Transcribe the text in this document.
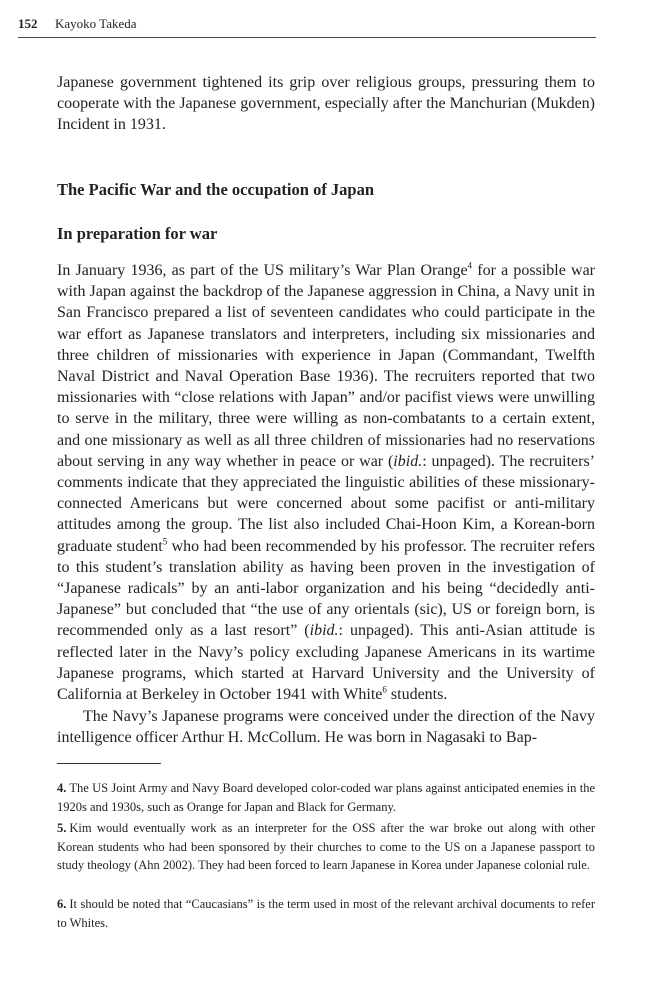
152 Kayoko Takeda

Japanese government tightened its grip over religious groups, pressuring them to cooperate with the Japanese government, especially after the Manchurian (Mukden) Incident in 1931.

The Pacific War and the occupation of Japan
In preparation for war

In January 1936, as part of the US military’s War Plan Orange$^4$ for a possible war with Japan against the backdrop of the Japanese aggression in China, a Navy unit in San Francisco prepared a list of seventeen candidates who could participate in the war effort as Japanese translators and interpreters, including six missionaries and three children of missionaries with experience in Japan (Commandant, Twelfth Naval District and Naval Operation Base 1936). The recruiters reported that two missionaries with “close relations with Japan” and/or pacifist views were unwilling to serve in the military, three were willing as non-combatants to a certain extent, and one missionary as well as all three children of missionaries had no reservations about serving in any way whether in peace or war (ibid.: unpaged). The recruiters’ comments indicate that they appreciated the linguistic abilities of these missionary-connected Americans but were concerned about some pacifist or anti-military attitudes among the group. The list also included Chai-Hoon Kim, a Korean-born graduate student$^5$ who had been recommended by his professor. The recruiter refers to this student’s translation ability as having been proven in the investigation of “Japanese radicals” by an anti-labor organization and his being “decidedly anti-Japanese” but concluded that “the use of any orientals (sic), US or foreign born, is recommended only as a last resort” (ibid.: unpaged). This anti-Asian attitude is reflected later in the Navy’s policy excluding Japanese Americans in its wartime Japanese programs, which started at Harvard University and the University of California at Berkeley in October 1941 with White$^6$ students.

The Navy’s Japanese programs were conceived under the direction of the Navy intelligence officer Arthur H. McCollum. He was born in Nagasaki to Bap-

4. The US Joint Army and Navy Board developed color-coded war plans against anticipated enemies in the 1920s and 1930s, such as Orange for Japan and Black for Germany.

5. Kim would eventually work as an interpreter for the OSS after the war broke out along with other Korean students who had been sponsored by their churches to come to the US on a Japanese passport to study theology (Ahn 2002). They had been forced to learn Japanese in Korea under Japanese colonial rule.

6. It should be noted that “Caucasians” is the term used in most of the relevant archival documents to refer to Whites.
